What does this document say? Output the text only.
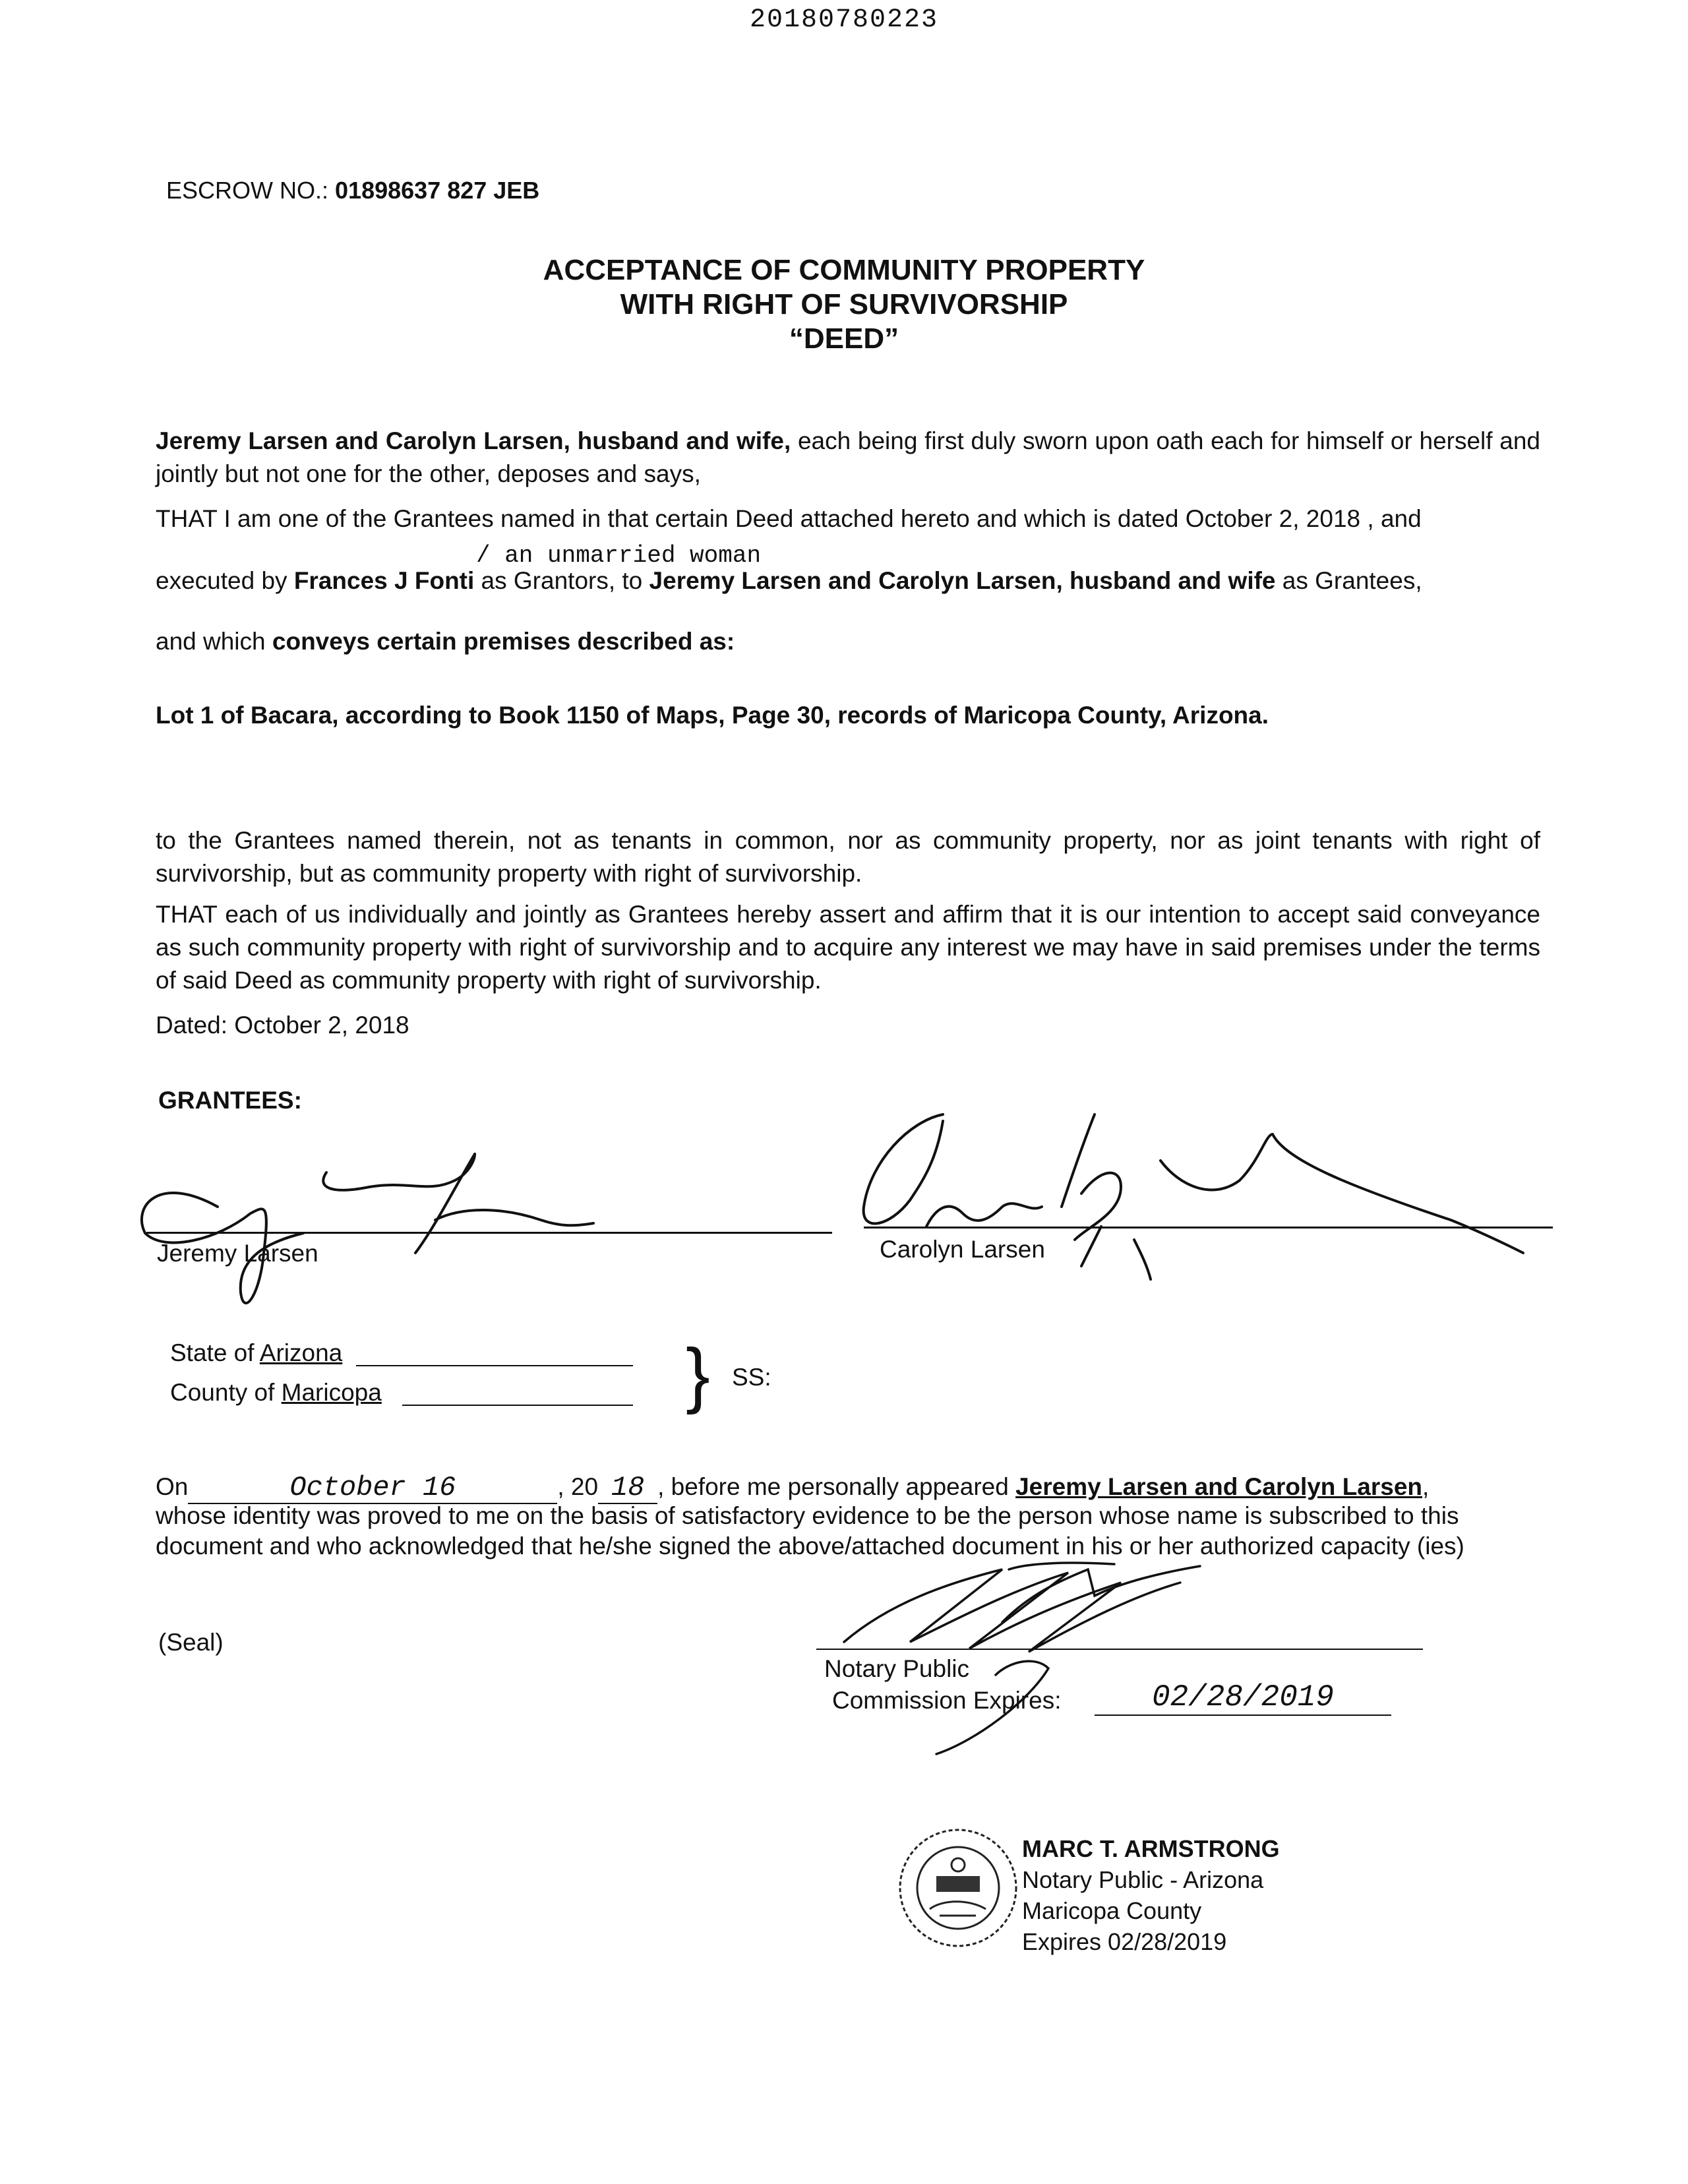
20180780223
ESCROW NO.: 01898637 827 JEB
ACCEPTANCE OF COMMUNITY PROPERTY
WITH RIGHT OF SURVIVORSHIP
“DEED”
Jeremy Larsen and Carolyn Larsen, husband and wife, each being first duly sworn upon oath each for himself or herself and jointly but not one for the other, deposes and says,
THAT I am one of the Grantees named in that certain Deed attached hereto and which is dated October 2, 2018 , and
/ an unmarried woman
executed by Frances J Fonti as Grantors, to Jeremy Larsen and Carolyn Larsen, husband and wife as Grantees,
and which conveys certain premises described as:
Lot 1 of Bacara, according to Book 1150 of Maps, Page 30, records of Maricopa County, Arizona.
to the Grantees named therein, not as tenants in common, nor as community property, nor as joint tenants with right of survivorship, but as community property with right of survivorship.
THAT each of us individually and jointly as Grantees hereby assert and affirm that it is our intention to accept said conveyance as such community property with right of survivorship and to acquire any interest we may have in said premises under the terms of said Deed as community property with right of survivorship.
Dated: October 2, 2018
GRANTEES:
Jeremy Larsen	Carolyn Larsen
State of Arizona
County of Maricopa	} SS:
On	October 16	, 20 18 , before me personally appeared Jeremy Larsen and Carolyn Larsen,
whose identity was proved to me on the basis of satisfactory evidence to be the person whose name is subscribed to this document and who acknowledged that he/she signed the above/attached document in his or her authorized capacity (ies)
(Seal)
Notary Public
Commission Expires:	02/28/2019
MARC T. ARMSTRONG
Notary Public - Arizona
Maricopa County
Expires 02/28/2019
